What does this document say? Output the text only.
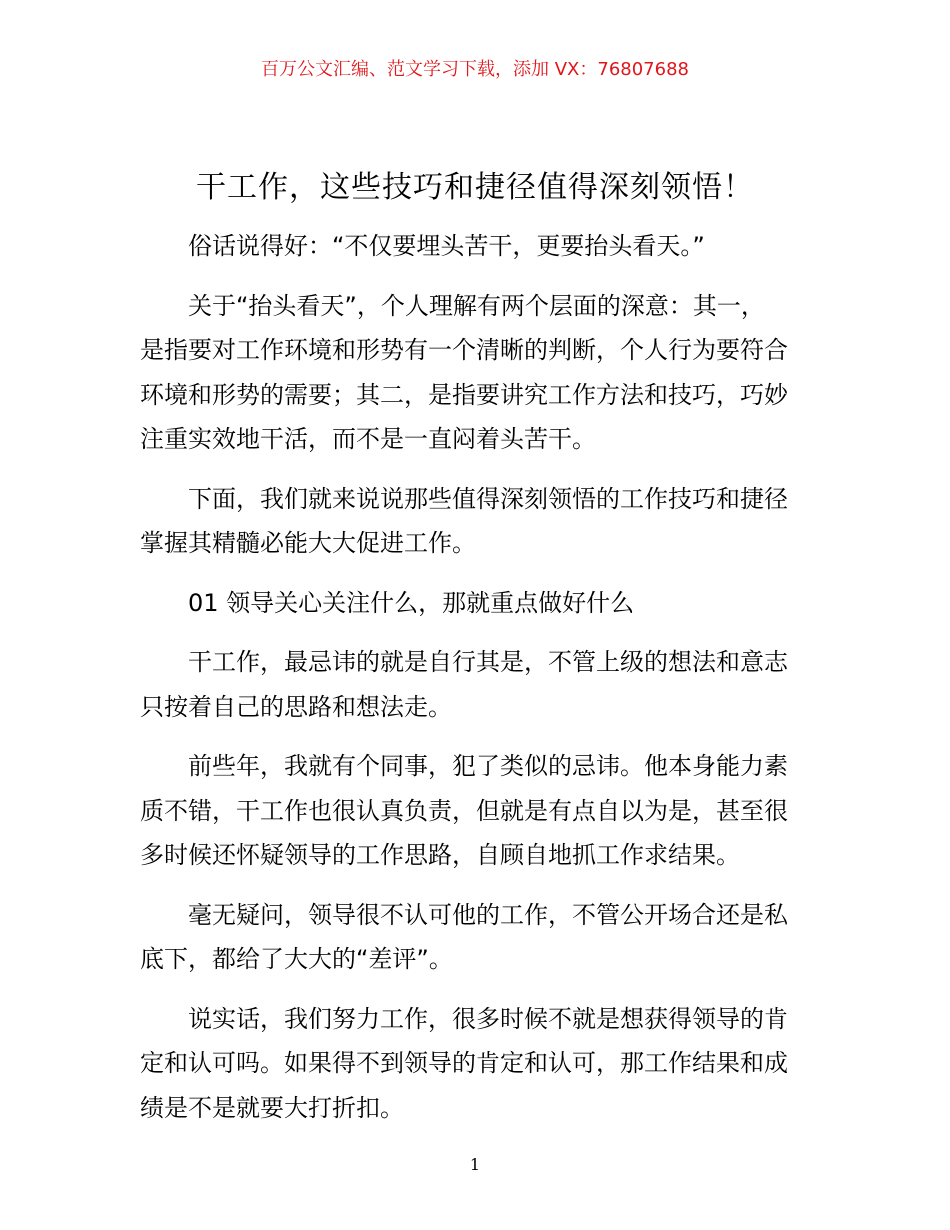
百万公文汇编、范文学习下载，添加 VX：76807688
干工作，这些技巧和捷径值得深刻领悟！

俗话说得好：“不仅要埋头苦干，更要抬头看天。”

关于“抬头看天”，个人理解有两个层面的深意：其一，
是指要对工作环境和形势有一个清晰的判断，个人行为要符合
环境和形势的需要；其二，是指要讲究工作方法和技巧，巧妙
注重实效地干活，而不是一直闷着头苦干。

下面，我们就来说说那些值得深刻领悟的工作技巧和捷径
掌握其精髓必能大大促进工作。

01 领导关心关注什么，那就重点做好什么

干工作，最忌讳的就是自行其是，不管上级的想法和意志
只按着自己的思路和想法走。

前些年，我就有个同事，犯了类似的忌讳。他本身能力素
质不错，干工作也很认真负责，但就是有点自以为是，甚至很
多时候还怀疑领导的工作思路，自顾自地抓工作求结果。

毫无疑问，领导很不认可他的工作，不管公开场合还是私
底下，都给了大大的“差评”。

说实话，我们努力工作，很多时候不就是想获得领导的肯
定和认可吗。如果得不到领导的肯定和认可，那工作结果和成
绩是不是就要大打折扣。

1
